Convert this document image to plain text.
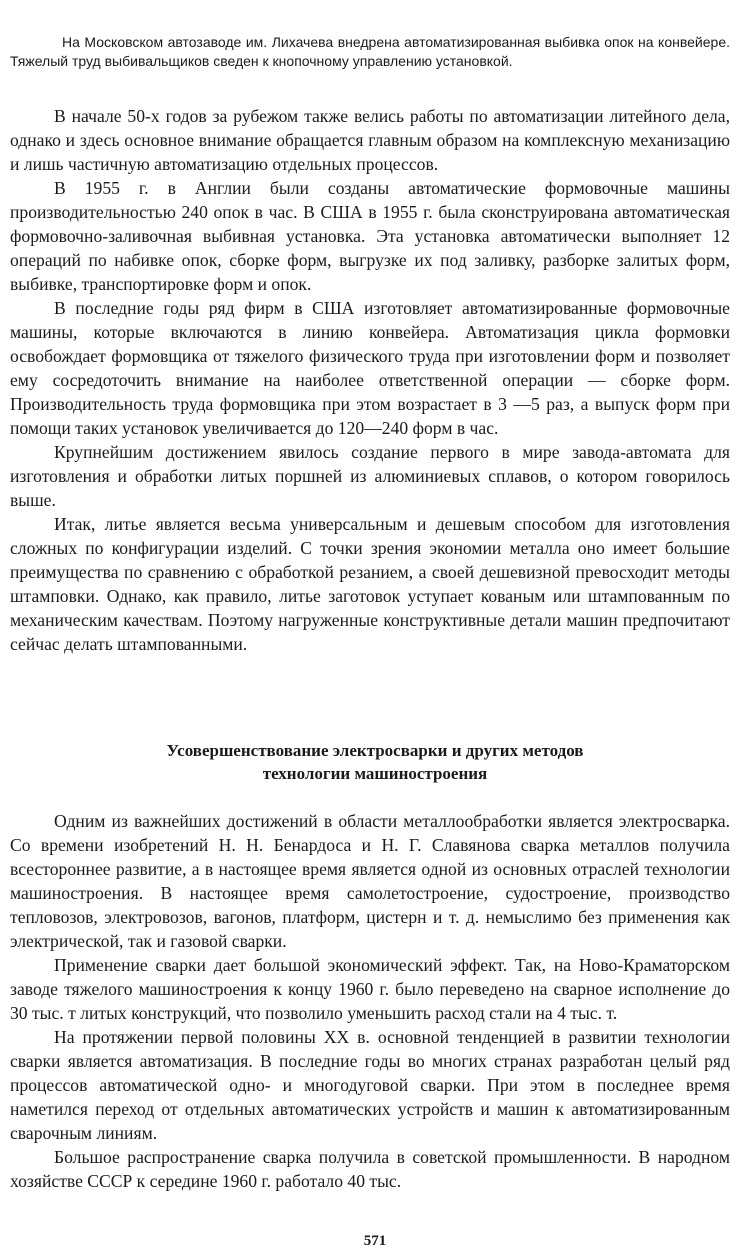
На Московском автозаводе им. Лихачева внедрена автоматизированная выбивка опок на конвейере. Тяжелый труд выбивальщиков сведен к кнопочному управлению установкой.

В начале 50-х годов за рубежом также велись работы по автоматизации литейного дела, однако и здесь основное внимание обращается главным образом на комплексную механизацию и лишь частичную автоматизацию отдельных процессов.

В 1955 г. в Англии были созданы автоматические формовочные машины производительностью 240 опок в час. В США в 1955 г. была сконструирована автоматическая формовочно-заливочная выбивная установка. Эта установка автоматически выполняет 12 операций по набивке опок, сборке форм, выгрузке их под заливку, разборке залитых форм, выбивке, транспортировке форм и опок.

В последние годы ряд фирм в США изготовляет автоматизированные формовочные машины, которые включаются в линию конвейера. Автоматизация цикла формовки освобождает формовщика от тяжелого физического труда при изготовлении форм и позволяет ему сосредоточить внимание на наиболее ответственной операции — сборке форм. Производительность труда формовщика при этом возрастает в 3 —5 раз, а выпуск форм при помощи таких установок увеличивается до 120—240 форм в час.

Крупнейшим достижением явилось создание первого в мире завода-автомата для изготовления и обработки литых поршней из алюминиевых сплавов, о котором говорилось выше.

Итак, литье является весьма универсальным и дешевым способом для изготовления сложных по конфигурации изделий. С точки зрения экономии металла оно имеет большие преимущества по сравнению с обработкой резанием, а своей дешевизной превосходит методы штамповки. Однако, как правило, литье заготовок уступает кованым или штампованным по механическим качествам. Поэтому нагруженные конструктивные детали машин предпочитают сейчас делать штампованными.

Усовершенствование электросварки и других методов
технологии машиностроения

Одним из важнейших достижений в области металлообработки является электросварка. Со времени изобретений Н. Н. Бенардоса и Н. Г. Славянова сварка металлов получила всестороннее развитие, а в настоящее время является одной из основных отраслей технологии машиностроения. В настоящее время самолетостроение, судостроение, производство тепловозов, электровозов, вагонов, платформ, цистерн и т. д. немыслимо без применения как электрической, так и газовой сварки.

Применение сварки дает большой экономический эффект. Так, на Ново-Краматорском заводе тяжелого машиностроения к концу 1960 г. было переведено на сварное исполнение до 30 тыс. т литых конструкций, что позволило уменьшить расход стали на 4 тыс. т.

На протяжении первой половины XX в. основной тенденцией в развитии технологии сварки является автоматизация. В последние годы во многих странах разработан целый ряд процессов автоматической одно- и многодуговой сварки. При этом в последнее время наметился переход от отдельных автоматических устройств и машин к автоматизированным сварочным линиям.

Большое распространение сварка получила в советской промышленности. В народном хозяйстве СССР к середине 1960 г. работало 40 тыс.

571
